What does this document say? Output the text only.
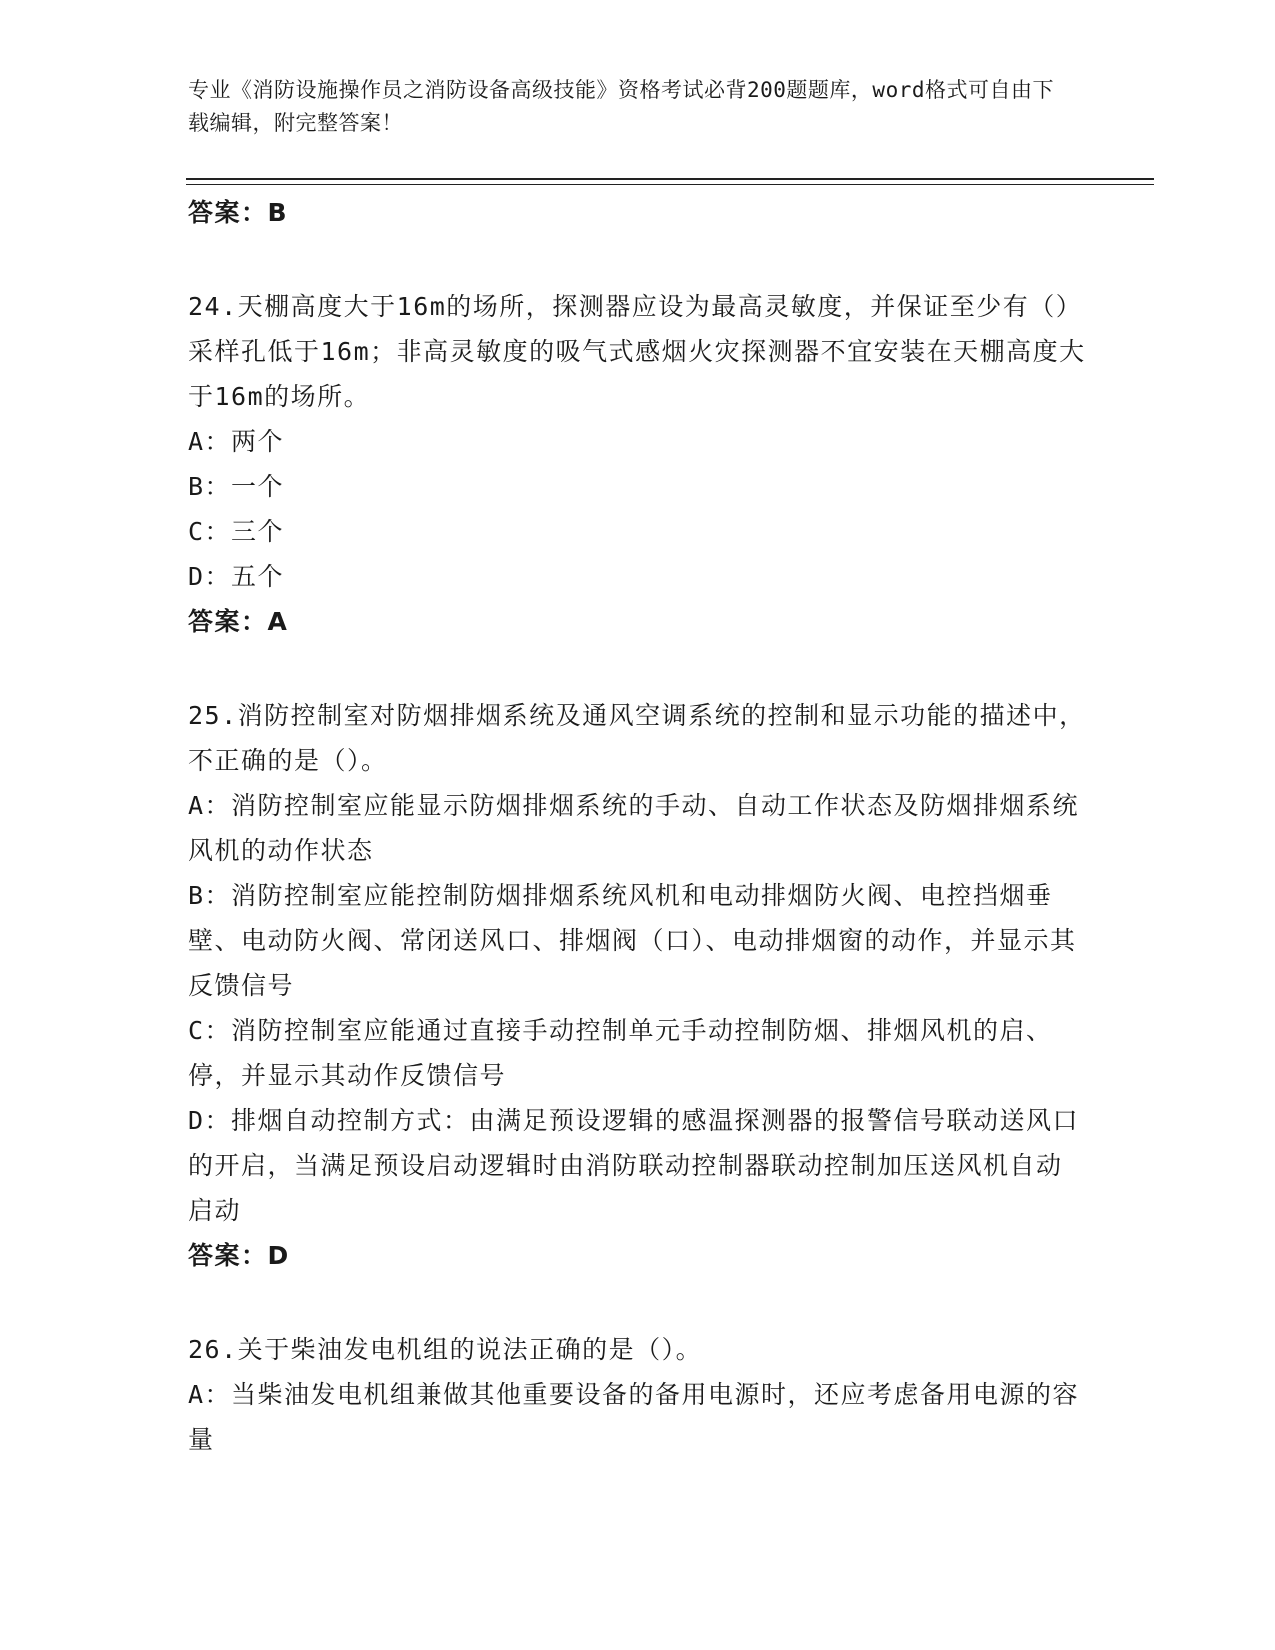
专业《消防设施操作员之消防设备高级技能》资格考试必背200题题库，word格式可自由下载编辑，附完整答案！

答案：B

24.天棚高度大于16m的场所，探测器应设为最高灵敏度，并保证至少有（）采样孔低于16m；非高灵敏度的吸气式感烟火灾探测器不宜安装在天棚高度大于16m的场所。

A：两个
B：一个
C：三个
D：五个

答案：A

25.消防控制室对防烟排烟系统及通风空调系统的控制和显示功能的描述中，不正确的是（）。

A：消防控制室应能显示防烟排烟系统的手动、自动工作状态及防烟排烟系统风机的动作状态
B：消防控制室应能控制防烟排烟系统风机和电动排烟防火阀、电控挡烟垂壁、电动防火阀、常闭送风口、排烟阀（口）、电动排烟窗的动作，并显示其反馈信号
C：消防控制室应能通过直接手动控制单元手动控制防烟、排烟风机的启、停，并显示其动作反馈信号
D：排烟自动控制方式：由满足预设逻辑的感温探测器的报警信号联动送风口的开启，当满足预设启动逻辑时由消防联动控制器联动控制加压送风机自动启动

答案：D

26.关于柴油发电机组的说法正确的是（）。

A：当柴油发电机组兼做其他重要设备的备用电源时，还应考虑备用电源的容量
